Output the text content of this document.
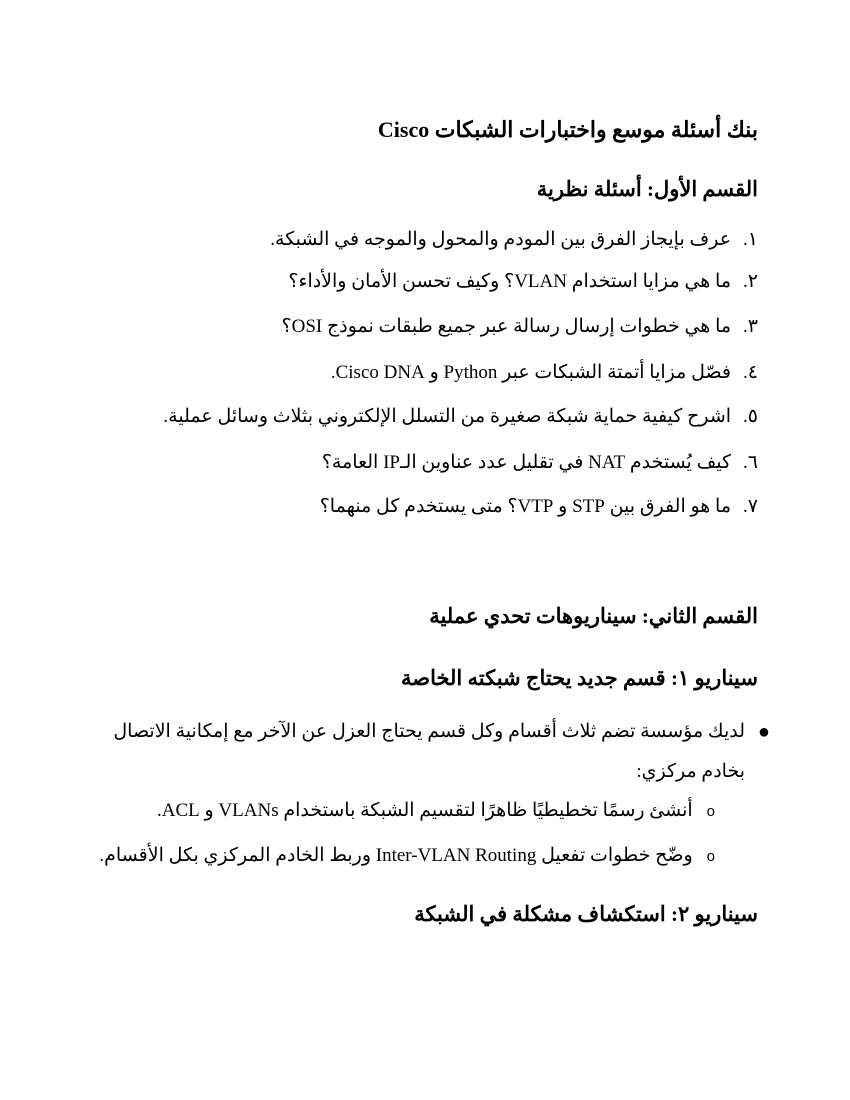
بنك أسئلة موسع واختبارات الشبكات Cisco
القسم الأول: أسئلة نظرية
١.عرف بإيجاز الفرق بين المودم والمحول والموجه في الشبكة.
٢.ما هي مزايا استخدام VLAN؟ وكيف تحسن الأمان والأداء؟
٣.ما هي خطوات إرسال رسالة عبر جميع طبقات نموذج OSI؟
٤.فصّل مزايا أتمتة الشبكات عبر Python و Cisco DNA.
٥.اشرح كيفية حماية شبكة صغيرة من التسلل الإلكتروني بثلاث وسائل عملية.
٦.كيف يُستخدم NAT في تقليل عدد عناوين الـIP العامة؟
٧.ما هو الفرق بين STP و VTP؟ متى يستخدم كل منهما؟
القسم الثاني: سيناريوهات تحدي عملية
سيناريو ١: قسم جديد يحتاج شبكته الخاصة
●
لديك مؤسسة تضم ثلاث أقسام وكل قسم يحتاج العزل عن الآخر مع إمكانية الاتصال بخادم مركزي:
oأنشئ رسمًا تخطيطيًا ظاهرًا لتقسيم الشبكة باستخدام VLANs و ACL.
oوضّح خطوات تفعيل Inter-VLAN Routing وربط الخادم المركزي بكل الأقسام.
سيناريو ٢: استكشاف مشكلة في الشبكة
